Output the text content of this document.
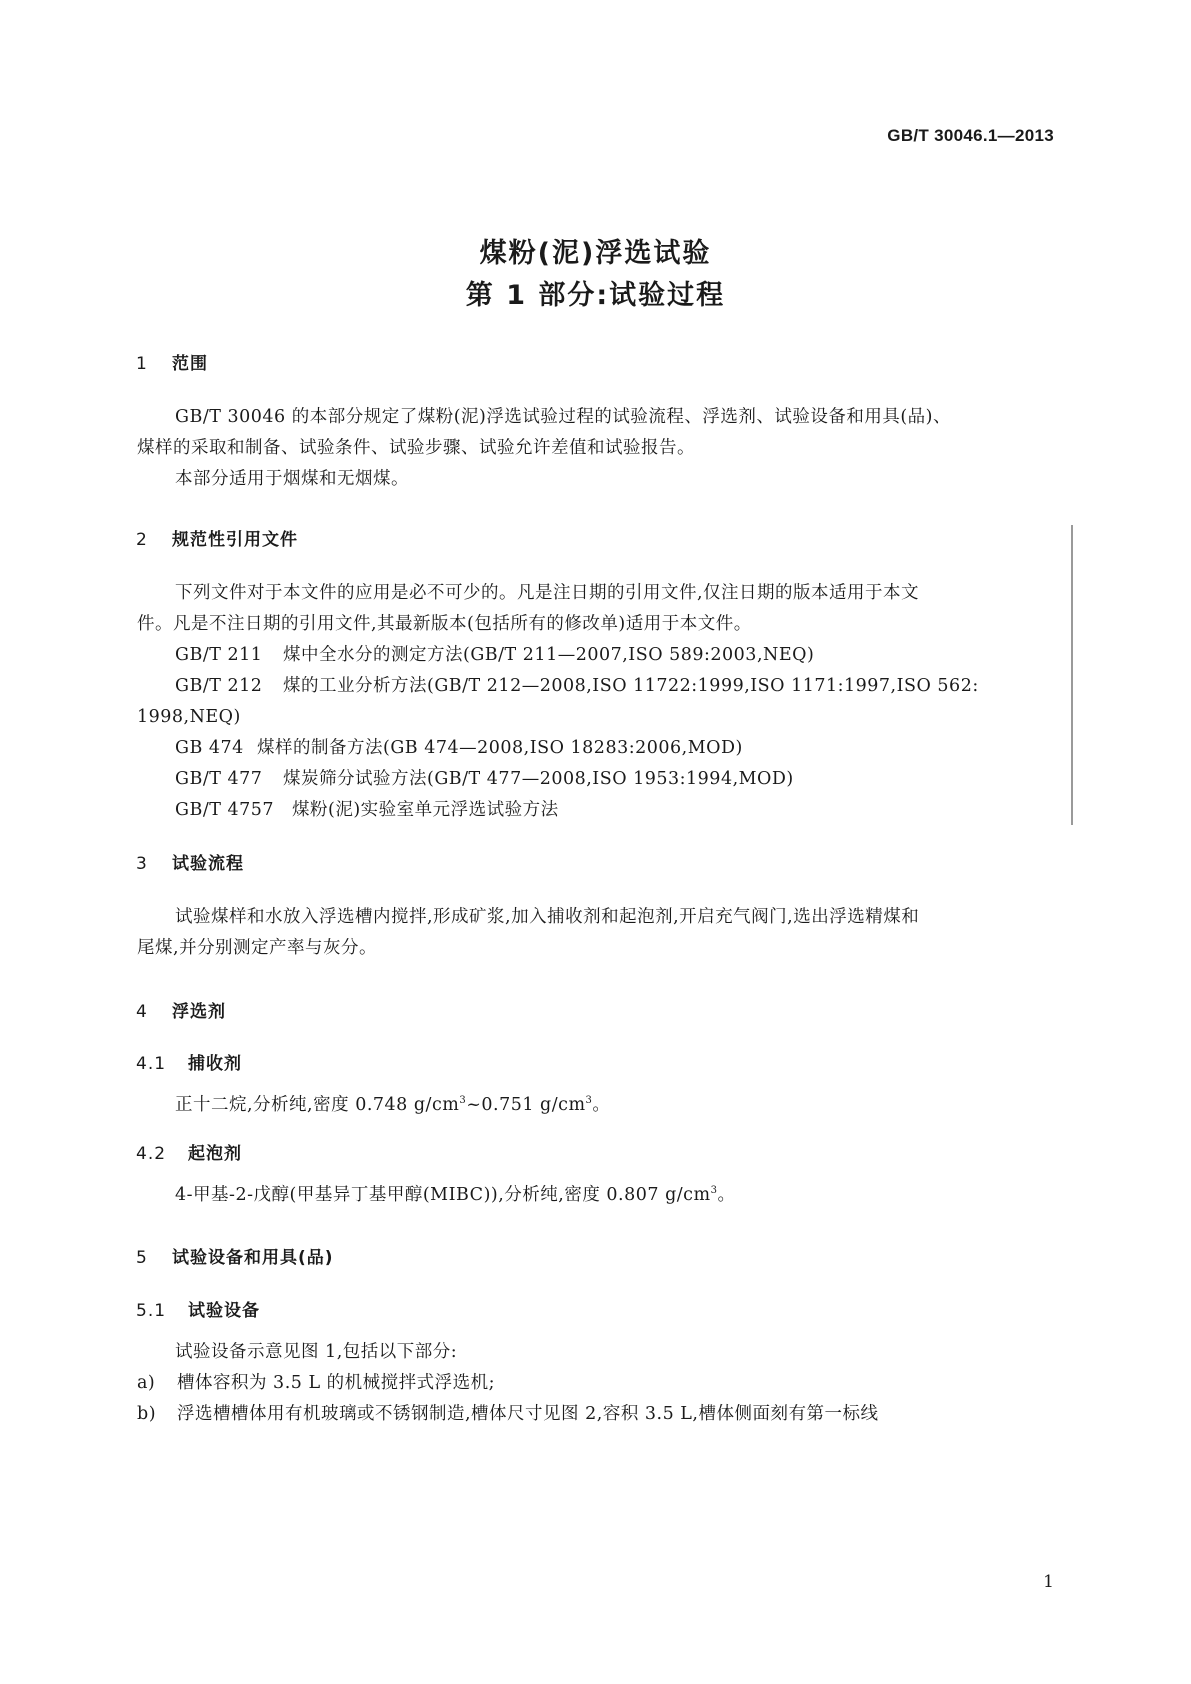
GB/T 30046.1—2013
煤粉(泥)浮选试验
第 1 部分:试验过程
1 范围
GB/T 30046 的本部分规定了煤粉(泥)浮选试验过程的试验流程、浮选剂、试验设备和用具(品)、
煤样的采取和制备、试验条件、试验步骤、试验允许差值和试验报告。
本部分适用于烟煤和无烟煤。
2 规范性引用文件
下列文件对于本文件的应用是必不可少的。凡是注日期的引用文件,仅注日期的版本适用于本文
件。凡是不注日期的引用文件,其最新版本(包括所有的修改单)适用于本文件。
GB/T 211 煤中全水分的测定方法(GB/T 211—2007,ISO 589:2003,NEQ)
GB/T 212 煤的工业分析方法(GB/T 212—2008,ISO 11722:1999,ISO 1171:1997,ISO 562:
1998,NEQ)
GB 474 煤样的制备方法(GB 474—2008,ISO 18283:2006,MOD)
GB/T 477 煤炭筛分试验方法(GB/T 477—2008,ISO 1953:1994,MOD)
GB/T 4757 煤粉(泥)实验室单元浮选试验方法
3 试验流程
试验煤样和水放入浮选槽内搅拌,形成矿浆,加入捕收剂和起泡剂,开启充气阀门,选出浮选精煤和
尾煤,并分别测定产率与灰分。
4 浮选剂
4.1 捕收剂
正十二烷,分析纯,密度 0.748 $g/cm^3\sim 0.751$ $g/cm^3$。
4.2 起泡剂
4-甲基-2-戊醇(甲基异丁基甲醇(MIBC)),分析纯,密度 0.807 $g/cm^3$。
5 试验设备和用具(品)
5.1 试验设备
试验设备示意见图 1,包括以下部分:
a) 槽体容积为 3.5 L 的机械搅拌式浮选机;
b) 浮选槽槽体用有机玻璃或不锈钢制造,槽体尺寸见图 2,容积 3.5 L,槽体侧面刻有第一标线
1
